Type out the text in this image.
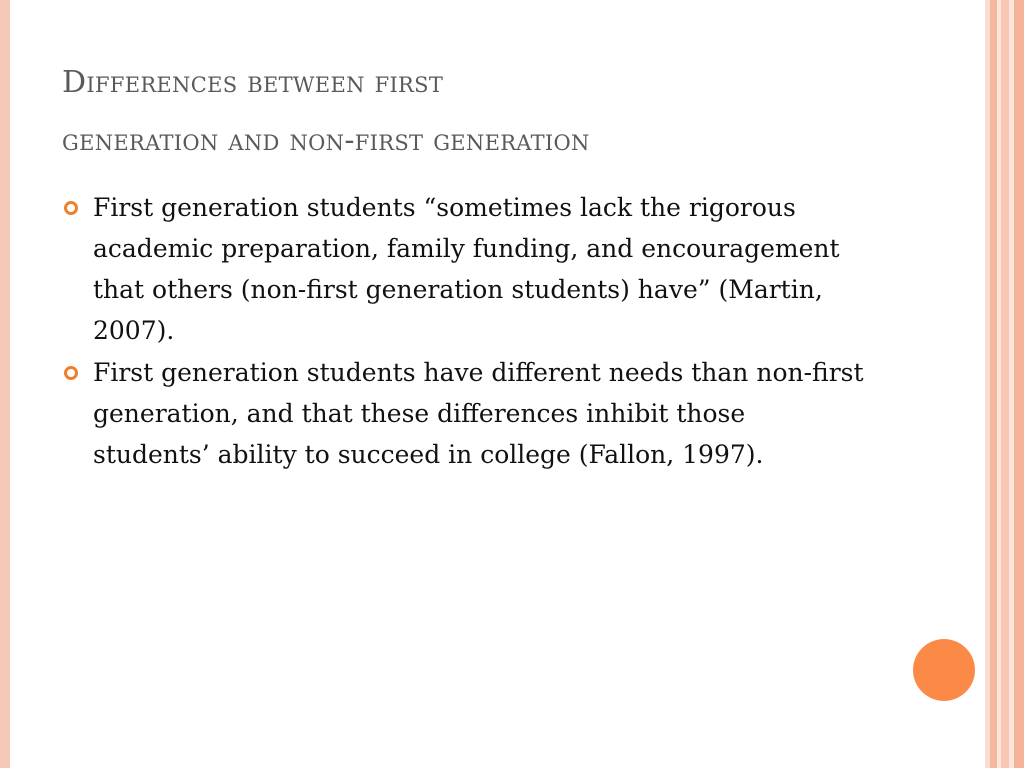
Differences between first
generation and non-first generation
First generation students “sometimes lack the rigorous academic preparation, family funding, and encouragement that others (non-first generation students) have” (Martin, 2007).
First generation students have different needs than non-first generation, and that these differences inhibit those students’ ability to succeed in college (Fallon, 1997).
